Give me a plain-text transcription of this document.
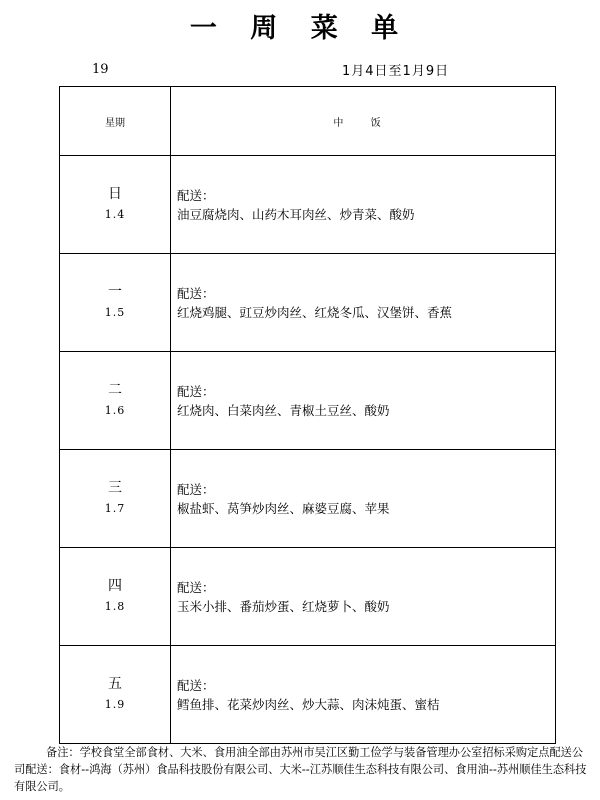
一 周 菜 单
19	1月4日至1月9日
星期	中 饭

日
1.4	配送：
油豆腐烧肉、山药木耳肉丝、炒青菜、酸奶

一
1.5	配送：
红烧鸡腿、豇豆炒肉丝、红烧冬瓜、汉堡饼、香蕉

二
1.6	配送：
红烧肉、白菜肉丝、青椒土豆丝、酸奶

三
1.7	配送：
椒盐虾、莴笋炒肉丝、麻婆豆腐、苹果

四
1.8	配送：
玉米小排、番茄炒蛋、红烧萝卜、酸奶

五
1.9	配送：
鳕鱼排、花菜炒肉丝、炒大蒜、肉沫炖蛋、蜜桔
备注：学校食堂全部食材、大米、食用油全部由苏州市吴江区勤工俭学与装备管理办公室招标采购定点配送公司配送：食材--鸿海（苏州）食品科技股份有限公司、大米--江苏顺佳生态科技有限公司、食用油--苏州顺佳生态科技有限公司。
